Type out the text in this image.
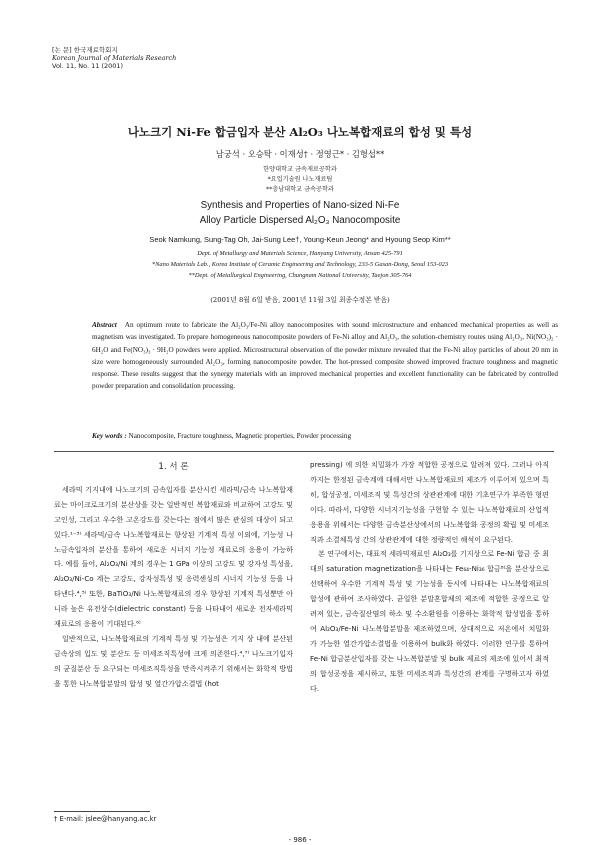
[논 문] 한국재료학회지
Korean Journal of Materials Research
Vol. 11, No. 11 (2001)
나노크기 Ni-Fe 합금입자 분산 Al₂O₃ 나노복합재료의 합성 및 특성
남궁석 · 오승탁 · 이재성† · 정영근* · 김형섭**
한양대학교 금속재료공학과
*요업기술원 나노재료팀
**충남대학교 금속공학과
Synthesis and Properties of Nano-sized Ni-Fe
Alloy Particle Dispersed Al₂O₃ Nanocomposite
Seok Namkung, Sung-Tag Oh, Jai-Sung Lee†, Young-Keun Jeong* and Hyoung Seop Kim**
Dept. of Metallurgy and Materials Science, Hanyang University, Ansan 425-791
*Nano Materials Lab., Korea Institute of Ceramic Engineering and Technology, 233-5 Gasan-Dong, Seoul 153-023
**Dept. of Metallurgical Engineering, Chungnam National University, Taejon 305-764
(2001년 8월 6일 받음, 2001년 11월 3일 최종수정본 받음)
Abstract An optimum route to fabricate the Al₂O₃/Fe-Ni alloy nanocomposites with sound microstructure and enhanced mechanical properties as well as magnetism was investigated. To prepare homogeneous nanocomposite powders of Fe-Ni alloy and Al₂O₃, the solution-chemistry routes using Al₂O₃, Ni(NO₃)₂ · 6H₂O and Fe(NO₃)₃ · 9H₂O powders were applied. Microstructural observation of the powder mixture revealed that the Fe-Ni alloy particles of about 20 nm in size were homogeneously surrounded Al₂O₃, forming nanocomposite powder. The hot-pressed composite showed improved fracture toughness and magnetic response. These results suggest that the synergy materials with an improved mechanical properties and excellent functionality can be fabricated by controlled powder preparation and consolidation processing.
Key words : Nanocomposite, Fracture toughness, Magnetic properties, Powder processing
1. 서 론

세라믹 기지내에 나노크기의 금속입자를 분산시킨 세라믹/금속 나노복합재료는 마이크로크기의 분산상을 갖는 일반적인 복합재료와 비교하여 고강도 및 고인성, 그리고 우수한 고온강도를 갖는다는 점에서 많은 관심의 대상이 되고 있다.¹⁻³⁾ 세라믹/금속 나노복합재료는 향상된 기계적 특성 이외에, 기능성 나노금속입자의 분산을 통하여 새로운 시너지 기능성 재료로의 응용이 가능하다. 예를 들어, Al₂O₃/Ni 계의 경우는 1 GPa 이상의 고강도 및 강자성 특성을, Al₂O₃/Ni-Co 계는 고강도, 강자성특성 및 응력센싱의 시너지 기능성 등을 나타낸다.⁴,⁵⁾ 또한, BaTiO₃/Ni 나노복합재료의 경우 향상된 기계적 특성뿐만 아니라 높은 유전상수(dielectric constant) 등을 나타내어 새로운 전자세라믹재료로의 응용이 기대된다.⁶⁾

일반적으로, 나노복합재료의 기계적 특성 및 기능성은 기지 상 내에 분산된 금속상의 입도 및 분산도 등 미세조직특성에 크게 의존한다.⁴,⁷⁾ 나노크기입자의 균질분산 등 요구되는 미세조직특성을 만족시켜주기 위해서는 화학적 방법을 통한 나노복합분말의 합성 및 열간가압소결법 (hot

pressing) 에 의한 치밀화가 가장 적합한 공정으로 알려져 있다. 그러나 아직까지는 한정된 금속계에 대해서만 나노복합재료의 제조가 이루어져 있으며 특히, 합성공정, 미세조직 및 특성간의 상관관계에 대한 기초연구가 부족한 형편이다. 따라서, 다양한 시너지기능성을 구현할 수 있는 나노복합재료의 산업적응용을 위해서는 다양한 금속분산상에서의 나노복합화 공정의 확립 및 미세조직과 소결체특성 간의 상관관계에 대한 정량적인 해석이 요구된다.

본 연구에서는, 대표적 세라믹재료인 Al₂O₃를 기지상으로 Fe-Ni 합금 중 최대의 saturation magnetization을 나타내는 Fe₆₄-Ni₃₆ 합금⁸⁾을 분산상으로 선택하여 우수한 기계적 특성 및 기능성을 동시에 나타내는 나노복합재료의 합성에 관하여 조사하였다. 균일한 분말혼합체의 제조에 적합한 공정으로 알려져 있는, 금속질산염의 하소 및 수소환원을 이용하는 화학적 합성법을 통하여 Al₂O₃/Fe-Ni 나노복합분말을 제조하였으며, 상대적으로 저온에서 치밀화가 가능한 열간가압소결법을 이용하여 bulk화 하였다. 이러한 연구를 통하여 Fe-Ni 합금분산입자를 갖는 나노복합분말 및 bulk 제료의 제조에 있어서 최적의 합성공정을 제시하고, 또한 미세조직과 특성간의 관계를 구명하고자 하였다.

† E-mail: jslee@hanyang.ac.kr
- 986 -
